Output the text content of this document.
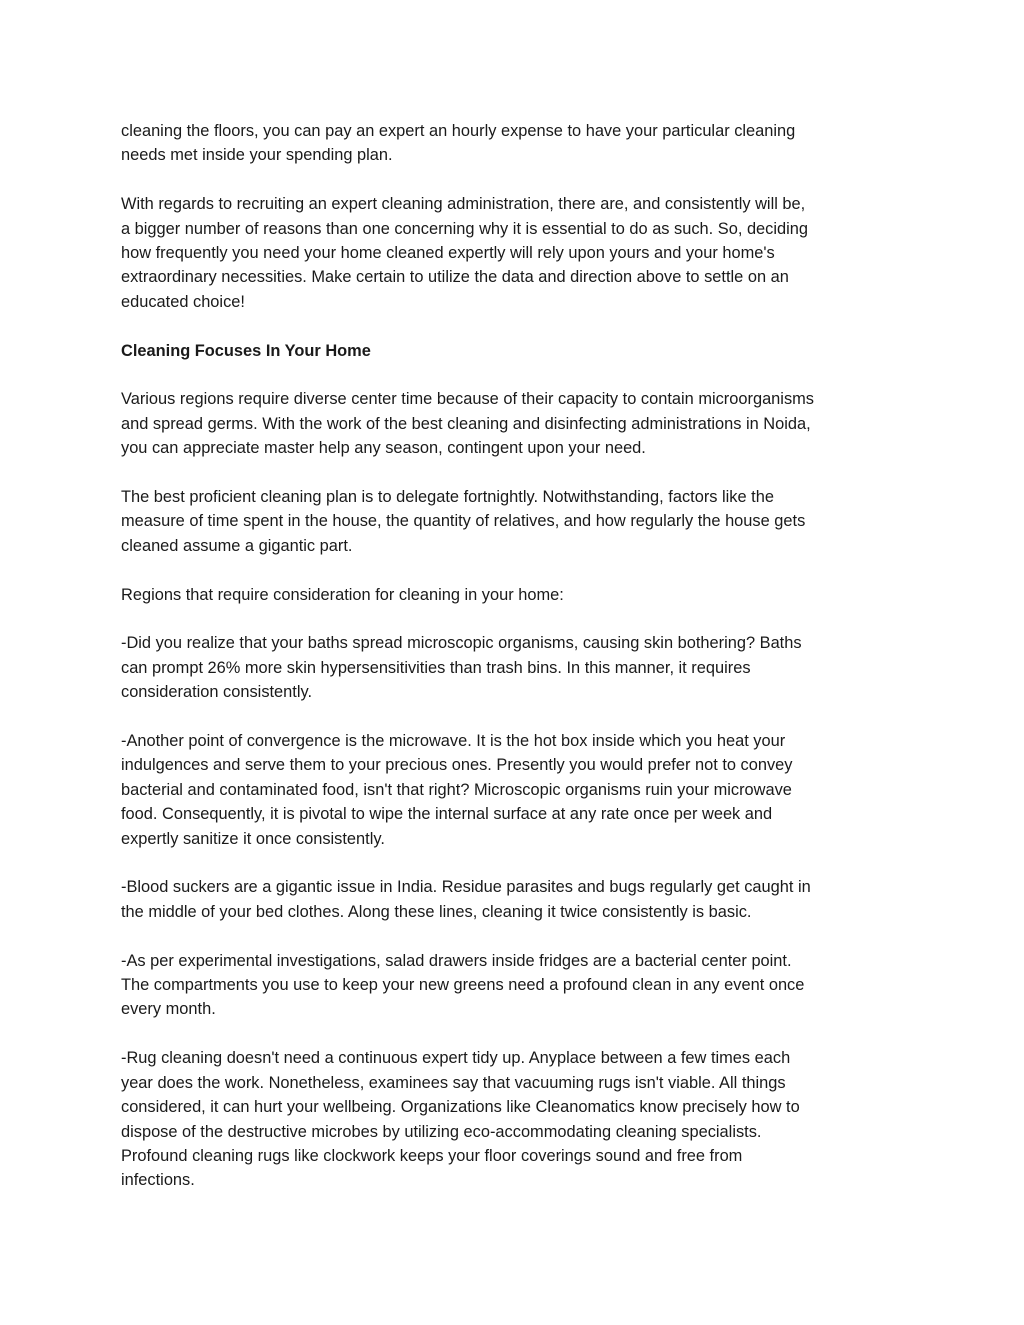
cleaning the floors, you can pay an expert an hourly expense to have your particular cleaning
needs met inside your spending plan.

With regards to recruiting an expert cleaning administration, there are, and consistently will be,
a bigger number of reasons than one concerning why it is essential to do as such. So, deciding
how frequently you need your home cleaned expertly will rely upon yours and your home's
extraordinary necessities. Make certain to utilize the data and direction above to settle on an
educated choice!

Cleaning Focuses In Your Home

Various regions require diverse center time because of their capacity to contain microorganisms
and spread germs. With the work of the best cleaning and disinfecting administrations in Noida,
you can appreciate master help any season, contingent upon your need.

The best proficient cleaning plan is to delegate fortnightly. Notwithstanding, factors like the
measure of time spent in the house, the quantity of relatives, and how regularly the house gets
cleaned assume a gigantic part.

Regions that require consideration for cleaning in your home:

-Did you realize that your baths spread microscopic organisms, causing skin bothering? Baths
can prompt 26% more skin hypersensitivities than trash bins. In this manner, it requires
consideration consistently.

-Another point of convergence is the microwave. It is the hot box inside which you heat your
indulgences and serve them to your precious ones. Presently you would prefer not to convey
bacterial and contaminated food, isn't that right? Microscopic organisms ruin your microwave
food. Consequently, it is pivotal to wipe the internal surface at any rate once per week and
expertly sanitize it once consistently.

-Blood suckers are a gigantic issue in India. Residue parasites and bugs regularly get caught in
the middle of your bed clothes. Along these lines, cleaning it twice consistently is basic.

-As per experimental investigations, salad drawers inside fridges are a bacterial center point.
The compartments you use to keep your new greens need a profound clean in any event once
every month.

-Rug cleaning doesn't need a continuous expert tidy up. Anyplace between a few times each
year does the work. Nonetheless, examinees say that vacuuming rugs isn't viable. All things
considered, it can hurt your wellbeing. Organizations like Cleanomatics know precisely how to
dispose of the destructive microbes by utilizing eco-accommodating cleaning specialists.
Profound cleaning rugs like clockwork keeps your floor coverings sound and free from
infections.
